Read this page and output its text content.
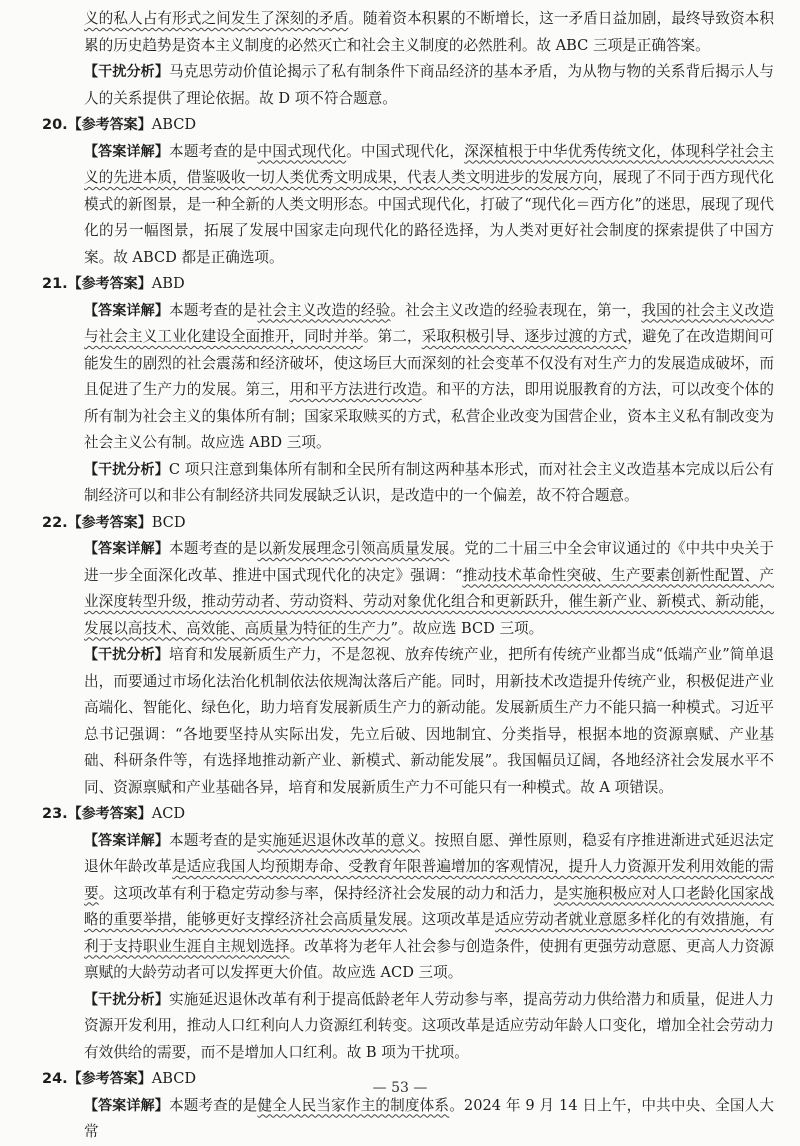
义的私人占有形式之间发生了深刻的矛盾。随着资本积累的不断增长，这一矛盾日益加剧，最终导致资本积累的历史趋势是资本主义制度的必然灭亡和社会主义制度的必然胜利。故 ABC 三项是正确答案。

【干扰分析】马克思劳动价值论揭示了私有制条件下商品经济的基本矛盾，为从物与物的关系背后揭示人与人的关系提供了理论依据。故 D 项不符合题意。

20.【参考答案】ABCD

【答案详解】本题考查的是中国式现代化。中国式现代化，深深植根于中华优秀传统文化，体现科学社会主义的先进本质，借鉴吸收一切人类优秀文明成果，代表人类文明进步的发展方向，展现了不同于西方现代化模式的新图景，是一种全新的人类文明形态。中国式现代化，打破了“现代化＝西方化”的迷思，展现了现代化的另一幅图景，拓展了发展中国家走向现代化的路径选择，为人类对更好社会制度的探索提供了中国方案。故 ABCD 都是正确选项。

21.【参考答案】ABD

【答案详解】本题考查的是社会主义改造的经验。社会主义改造的经验表现在，第一，我国的社会主义改造与社会主义工业化建设全面推开，同时并举。第二，采取积极引导、逐步过渡的方式，避免了在改造期间可能发生的剧烈的社会震荡和经济破坏，使这场巨大而深刻的社会变革不仅没有对生产力的发展造成破坏，而且促进了生产力的发展。第三，用和平方法进行改造。和平的方法，即用说服教育的方法，可以改变个体的所有制为社会主义的集体所有制；国家采取赎买的方式，私营企业改变为国营企业，资本主义私有制改变为社会主义公有制。故应选 ABD 三项。

【干扰分析】C 项只注意到集体所有制和全民所有制这两种基本形式，而对社会主义改造基本完成以后公有制经济可以和非公有制经济共同发展缺乏认识，是改造中的一个偏差，故不符合题意。

22.【参考答案】BCD

【答案详解】本题考查的是以新发展理念引领高质量发展。党的二十届三中全会审议通过的《中共中央关于进一步全面深化改革、推进中国式现代化的决定》强调：“推动技术革命性突破、生产要素创新性配置、产业深度转型升级，推动劳动者、劳动资料、劳动对象优化组合和更新跃升，催生新产业、新模式、新动能，发展以高技术、高效能、高质量为特征的生产力”。故应选 BCD 三项。

【干扰分析】培育和发展新质生产力，不是忽视、放弃传统产业，把所有传统产业都当成“低端产业”简单退出，而要通过市场化法治化机制依法依规淘汰落后产能。同时，用新技术改造提升传统产业，积极促进产业高端化、智能化、绿色化，助力培育发展新质生产力的新动能。发展新质生产力不能只搞一种模式。习近平总书记强调：“各地要坚持从实际出发，先立后破、因地制宜、分类指导，根据本地的资源禀赋、产业基础、科研条件等，有选择地推动新产业、新模式、新动能发展”。我国幅员辽阔，各地经济社会发展水平不同、资源禀赋和产业基础各异，培育和发展新质生产力不可能只有一种模式。故 A 项错误。

23.【参考答案】ACD

【答案详解】本题考查的是实施延迟退休改革的意义。按照自愿、弹性原则，稳妥有序推进渐进式延迟法定退休年龄改革是适应我国人均预期寿命、受教育年限普遍增加的客观情况，提升人力资源开发利用效能的需要。这项改革有利于稳定劳动参与率，保持经济社会发展的动力和活力，是实施积极应对人口老龄化国家战略的重要举措，能够更好支撑经济社会高质量发展。这项改革是适应劳动者就业意愿多样化的有效措施，有利于支持职业生涯自主规划选择。改革将为老年人社会参与创造条件，使拥有更强劳动意愿、更高人力资源禀赋的大龄劳动者可以发挥更大价值。故应选 ACD 三项。

【干扰分析】实施延迟退休改革有利于提高低龄老年人劳动参与率，提高劳动力供给潜力和质量，促进人力资源开发利用，推动人口红利向人力资源红利转变。这项改革是适应劳动年龄人口变化，增加全社会劳动力有效供给的需要，而不是增加人口红利。故 B 项为干扰项。

24.【参考答案】ABCD

【答案详解】本题考查的是健全人民当家作主的制度体系。2024 年 9 月 14 日上午，中共中央、全国人大常

— 53 —
